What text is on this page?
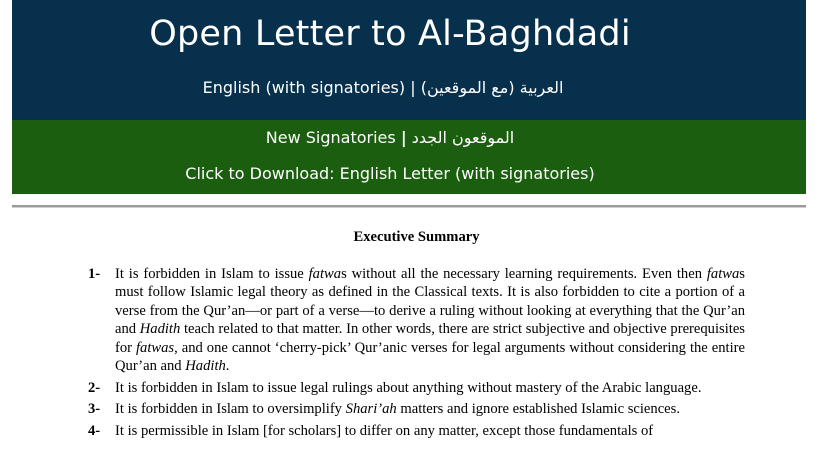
Open Letter to Al-Baghdadi
English (with signatories) | العربية (مع الموقعين)
New Signatories | الموقعون الجدد
Click to Download: English Letter (with signatories)
Executive Summary
1- It is forbidden in Islam to issue fatwas without all the necessary learning requirements. Even then fatwas must follow Islamic legal theory as defined in the Classical texts. It is also forbidden to cite a portion of a verse from the Qur’an—or part of a verse—to derive a ruling without looking at everything that the Qur’an and Hadith teach related to that matter. In other words, there are strict subjective and objective prerequisites for fatwas, and one cannot ‘cherry-pick’ Qur’anic verses for legal arguments without considering the entire Qur’an and Hadith.
2- It is forbidden in Islam to issue legal rulings about anything without mastery of the Arabic language.
3- It is forbidden in Islam to oversimplify Shari’ah matters and ignore established Islamic sciences.
4- It is permissible in Islam [for scholars] to differ on any matter, except those fundamentals of
